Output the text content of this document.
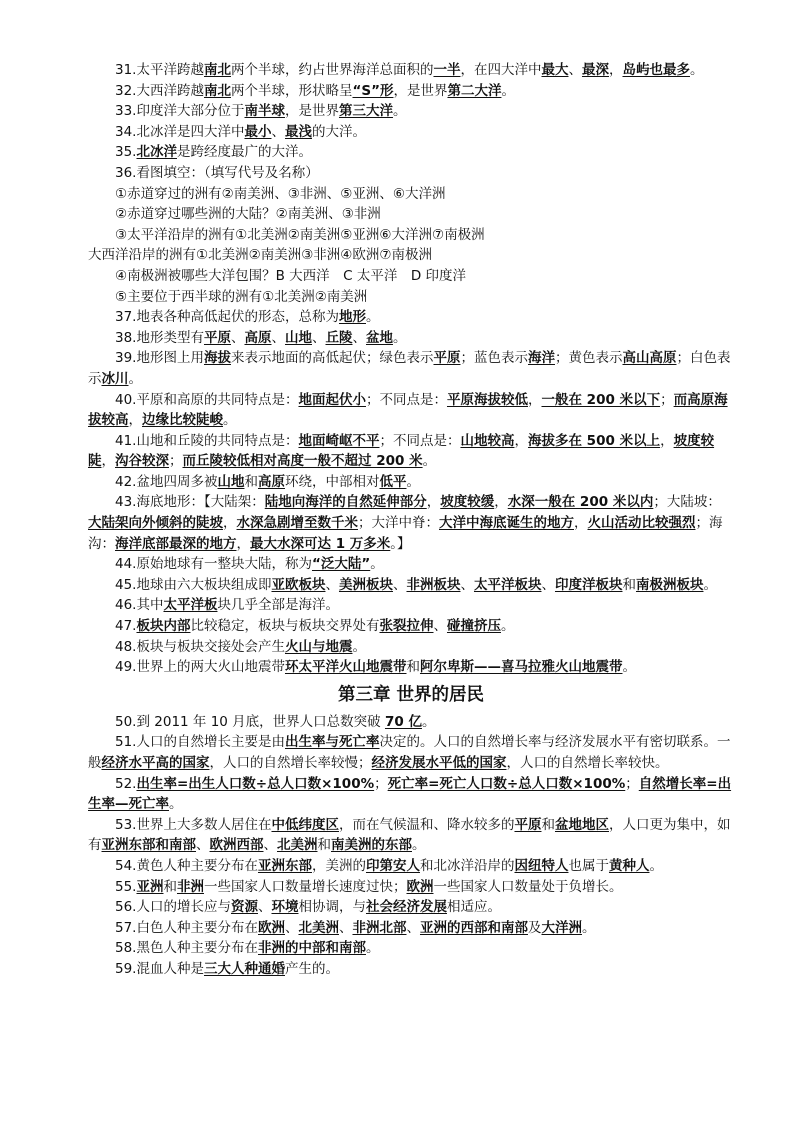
31.太平洋跨越南北两个半球，约占世界海洋总面积的一半，在四大洋中最大、最深，岛屿也最多。

32.大西洋跨越南北两个半球，形状略呈“S”形，是世界第二大洋。

33.印度洋大部分位于南半球，是世界第三大洋。

34.北冰洋是四大洋中最小、最浅的大洋。

35.北冰洋是跨经度最广的大洋。

36.看图填空：（填写代号及名称）

①赤道穿过的洲有②南美洲、③非洲、⑤亚洲、⑥大洋洲

②赤道穿过哪些洲的大陆？②南美洲、③非洲

③太平洋沿岸的洲有①北美洲②南美洲⑤亚洲⑥大洋洲⑦南极洲

大西洋沿岸的洲有①北美洲②南美洲③非洲④欧洲⑦南极洲

④南极洲被哪些大洋包围？B 大西洋　C 太平洋　D 印度洋

⑤主要位于西半球的洲有①北美洲②南美洲

37.地表各种高低起伏的形态，总称为地形。

38.地形类型有平原、高原、山地、丘陵、盆地。

39.地形图上用海拔来表示地面的高低起伏；绿色表示平原；蓝色表示海洋；黄色表示高山高原；白色表示冰川。

40.平原和高原的共同特点是：地面起伏小；不同点是：平原海拔较低，一般在 200 米以下；而高原海拔较高，边缘比较陡峻。

41.山地和丘陵的共同特点是：地面崎岖不平；不同点是：山地较高，海拔多在 500 米以上，坡度较陡，沟谷较深；而丘陵较低相对高度一般不超过 200 米。

42.盆地四周多被山地和高原环绕，中部相对低平。

43.海底地形：【大陆架：陆地向海洋的自然延伸部分，坡度较缓，水深一般在 200 米以内；大陆坡：大陆架向外倾斜的陡坡，水深急剧增至数千米；大洋中脊：大洋中海底诞生的地方，火山活动比较强烈；海沟：海洋底部最深的地方，最大水深可达 1 万多米。】

44.原始地球有一整块大陆，称为“泛大陆”。

45.地球由六大板块组成即亚欧板块、美洲板块、非洲板块、太平洋板块、印度洋板块和南极洲板块。

46.其中太平洋板块几乎全部是海洋。

47.板块内部比较稳定，板块与板块交界处有张裂拉伸、碰撞挤压。

48.板块与板块交接处会产生火山与地震。

49.世界上的两大火山地震带环太平洋火山地震带和阿尔卑斯——喜马拉雅火山地震带。

第三章 世界的居民

50.到 2011 年 10 月底，世界人口总数突破 70 亿。

51.人口的自然增长主要是由出生率与死亡率决定的。人口的自然增长率与经济发展水平有密切联系。一般经济水平高的国家，人口的自然增长率较慢；经济发展水平低的国家，人口的自然增长率较快。

52.出生率=出生人口数÷总人口数×100%；死亡率=死亡人口数÷总人口数×100%；自然增长率=出生率—死亡率。

53.世界上大多数人居住在中低纬度区，而在气候温和、降水较多的平原和盆地地区，人口更为集中，如有亚洲东部和南部、欧洲西部、北美洲和南美洲的东部。

54.黄色人种主要分布在亚洲东部，美洲的印第安人和北冰洋沿岸的因纽特人也属于黄种人。

55.亚洲和非洲一些国家人口数量增长速度过快；欧洲一些国家人口数量处于负增长。

56.人口的增长应与资源、环境相协调，与社会经济发展相适应。

57.白色人种主要分布在欧洲、北美洲、非洲北部、亚洲的西部和南部及大洋洲。

58.黑色人种主要分布在非洲的中部和南部。

59.混血人种是三大人种通婚产生的。
